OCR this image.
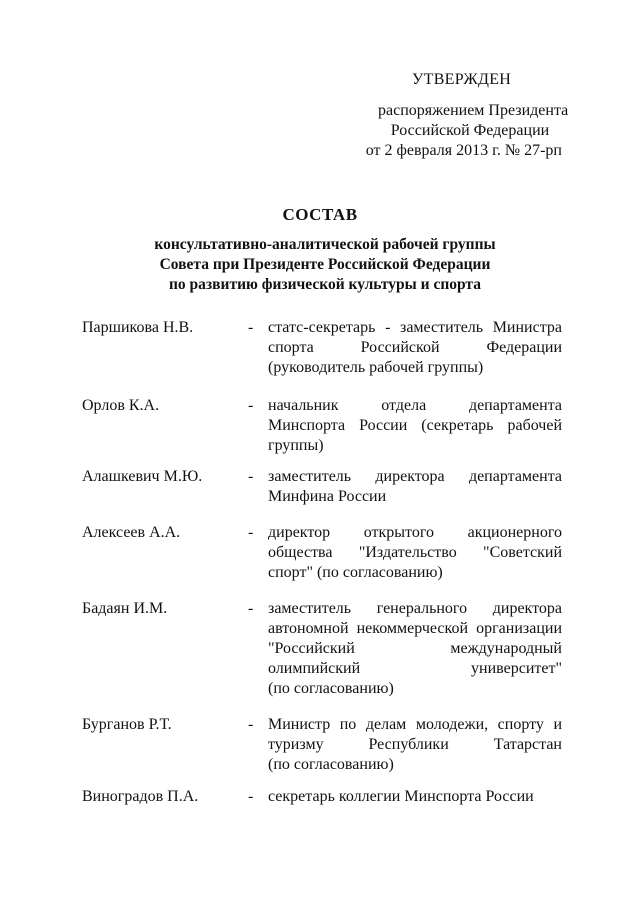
УТВЕРЖДЕН
распоряжением Президента
Российской Федерации
от 2 февраля 2013 г. № 27-рп
СОСТАВ
консультативно-аналитической рабочей группы
Совета при Президенте Российской Федерации
по развитию физической культуры и спорта
Паршикова Н.В.	- статс-секретарь - заместитель Министра
спорта Российской Федерации
(руководитель рабочей группы)
Орлов К.А.	- начальник отдела департамента
Минспорта России (секретарь рабочей
группы)
Алашкевич М.Ю.	- заместитель директора департамента
Минфина России
Алексеев А.А.	- директор открытого акционерного
общества "Издательство "Советский
спорт" (по согласованию)
Бадаян И.М.	- заместитель генерального директора
автономной некоммерческой организации
"Российский международный
олимпийский университет"
(по согласованию)
Бурганов Р.Т.	- Министр по делам молодежи, спорту и
туризму Республики Татарстан
(по согласованию)
Виноградов П.А.	- секретарь коллегии Минспорта России
